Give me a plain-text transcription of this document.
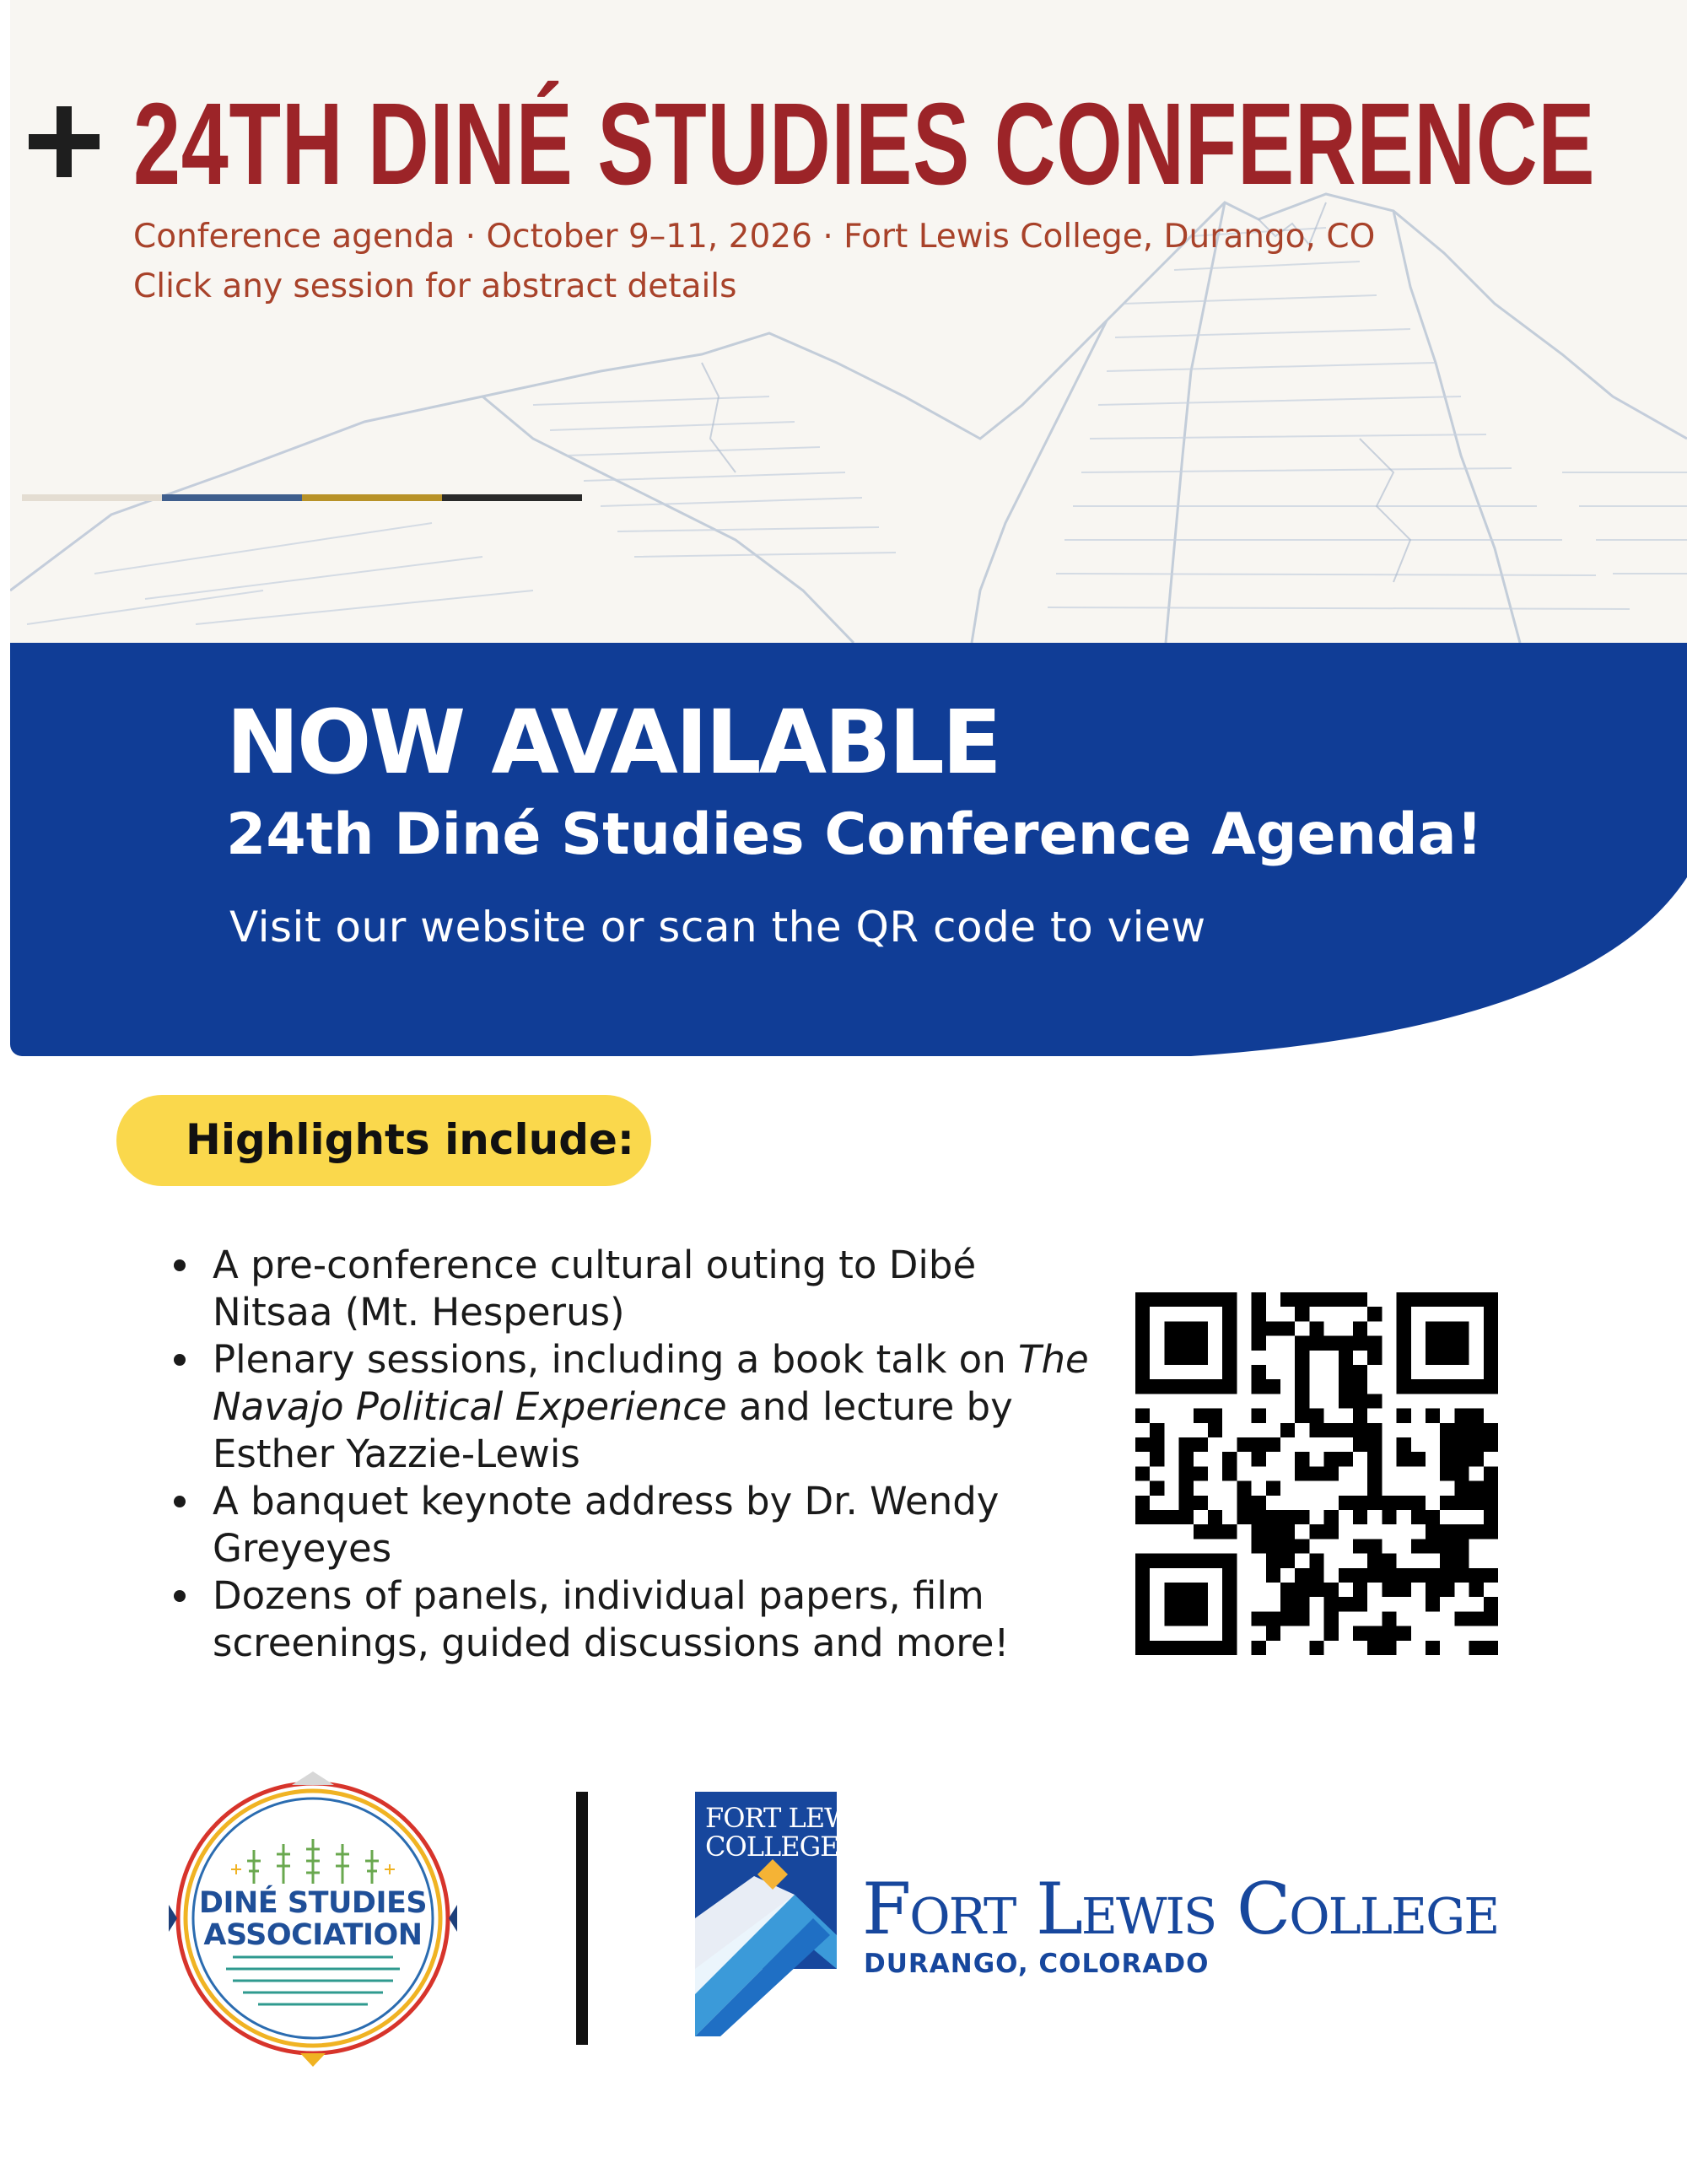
24TH DINÉ STUDIES CONFERENCE
Conference agenda · October 9–11, 2026 · Fort Lewis College, Durango, CO
Click any session for abstract details
NOW AVAILABLE
24th Diné Studies Conference Agenda!
Visit our website or scan the QR code to view
Highlights include:
A pre-conference cultural outing to Dibé Nitsaa (Mt. Hesperus)
Plenary sessions, including a book talk on The Navajo Political Experience and lecture by Esther Yazzie-Lewis
A banquet keynote address by Dr. Wendy Greyeyes
Dozens of panels, individual papers, film screenings, guided discussions and more!
DINÉ STUDIES
ASSOCIATION
FORT LEWIS
COLLEGE
Fort Lewis College
DURANGO, COLORADO
